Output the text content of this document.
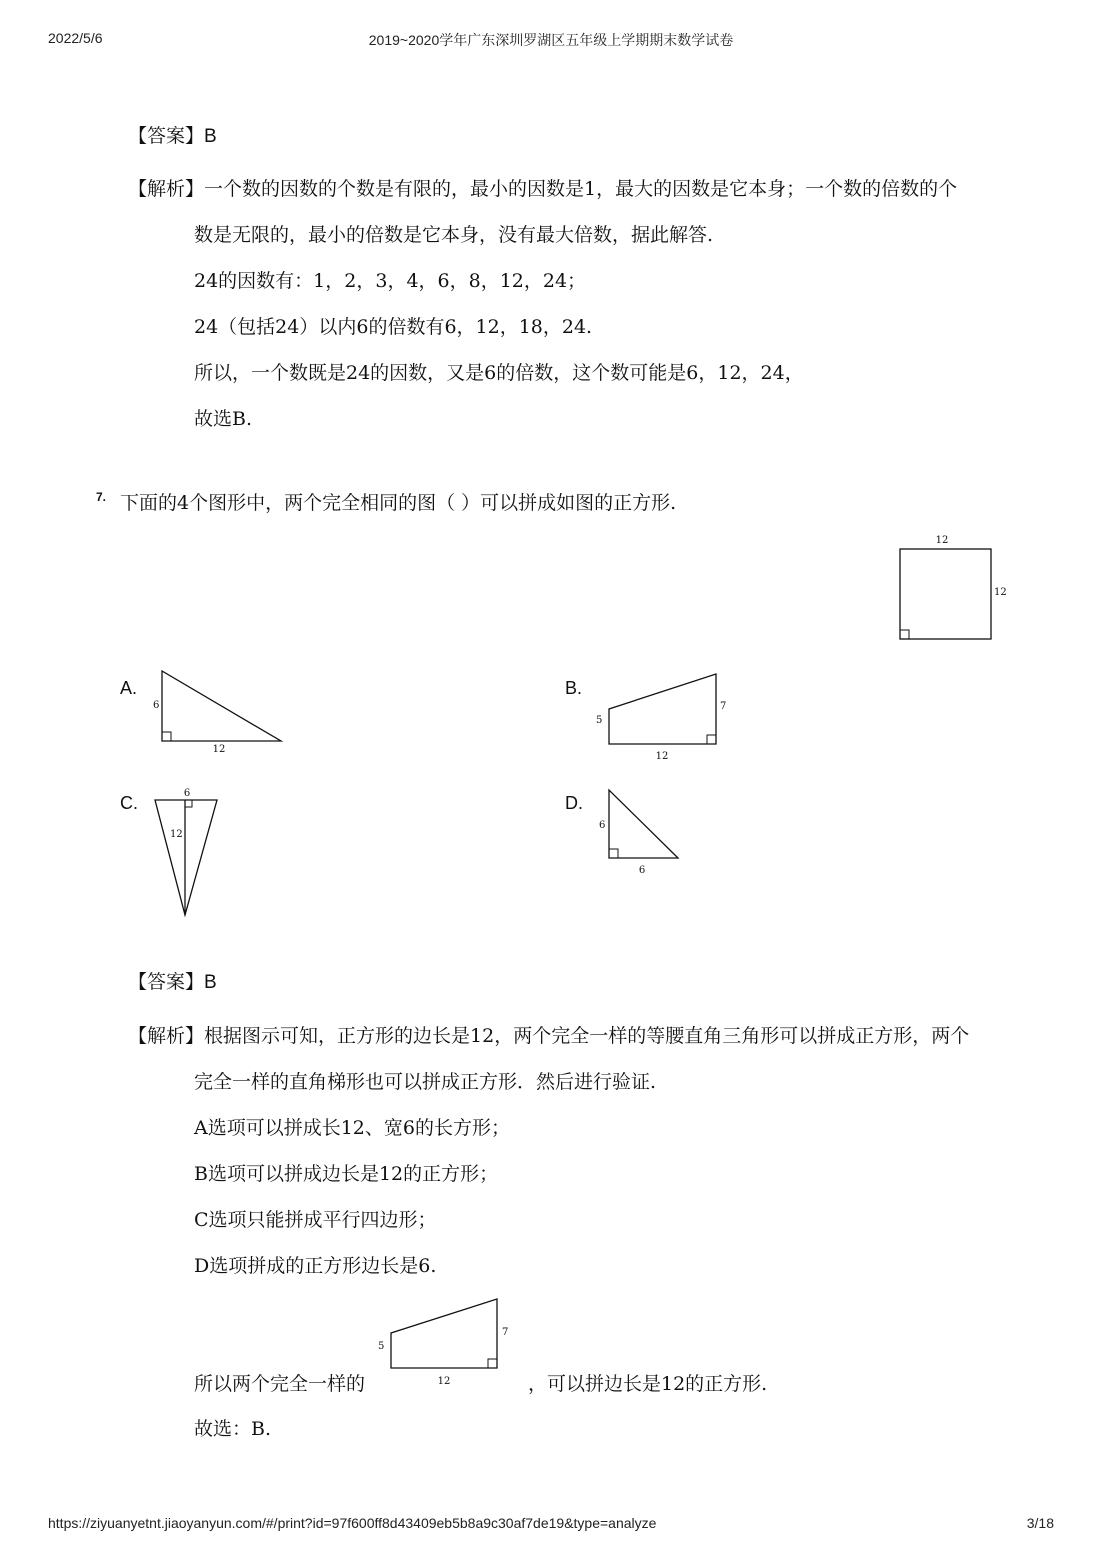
2022/5/6	2019~2020学年广东深圳罗湖区五年级上学期期末数学试卷
【答案】B
【解析】一个数的因数的个数是有限的，最小的因数是1，最大的因数是它本身；一个数的倍数的个
数是无限的，最小的倍数是它本身，没有最大倍数，据此解答.
24的因数有：1，2，3，4，6，8，12，24；
24（包括24）以内6的倍数有6，12，18，24.
所以，一个数既是24的因数，又是6的倍数，这个数可能是6，12，24，
故选B.
7. 下面的4个图形中，两个完全相同的图（ ）可以拼成如图的正方形.
12
12
A.
6
12
B.
5
7
12
C.	6
12
D.
6
6
【答案】B
【解析】根据图示可知，正方形的边长是12，两个完全一样的等腰直角三角形可以拼成正方形，两个
完全一样的直角梯形也可以拼成正方形．然后进行验证.
A选项可以拼成长12、宽6的长方形；
B选项可以拼成边长是12的正方形；
C选项只能拼成平行四边形；
D选项拼成的正方形边长是6.
所以两个完全一样的
5
7
12	，可以拼边长是12的正方形.
故选：B.
https://ziyuanyetnt.jiaoyanyun.com/#/print?id=97f600ff8d43409eb5b8a9c30af7de19&type=analyze	3/18
